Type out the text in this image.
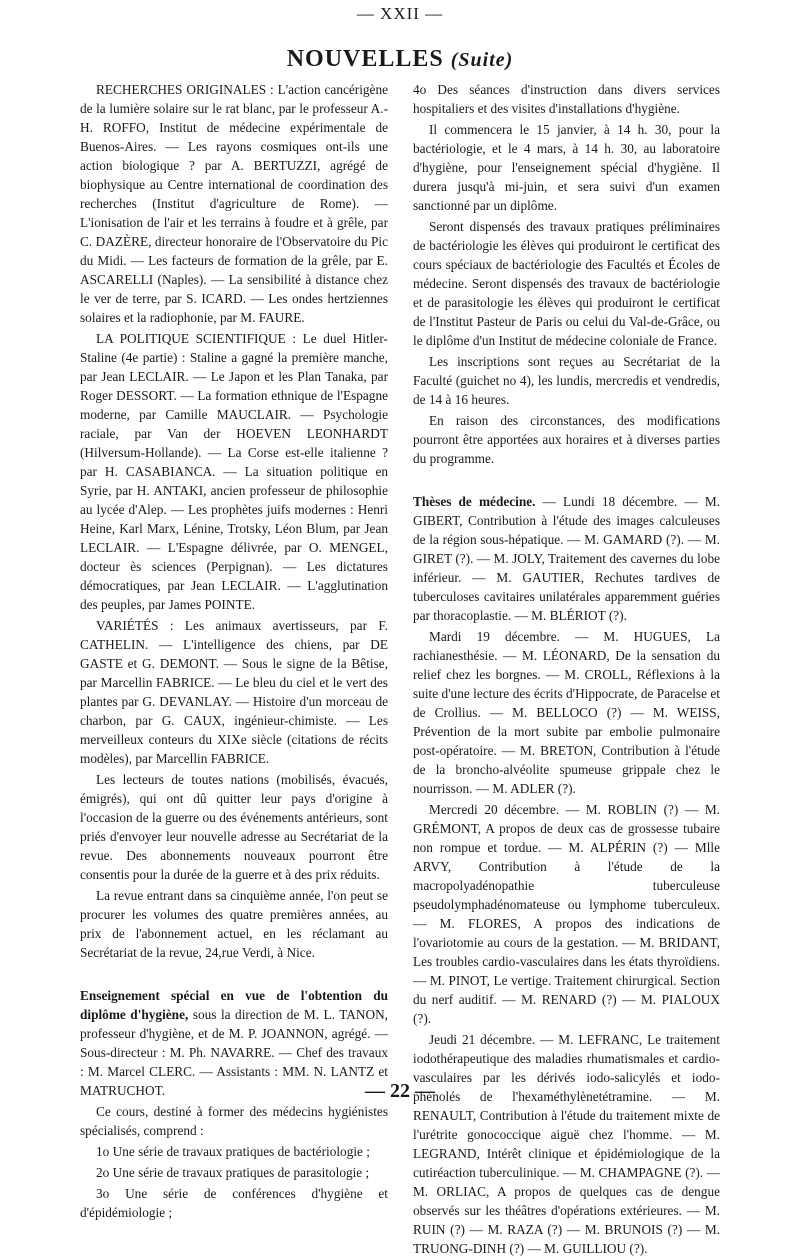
— XXII —
NOUVELLES (Suite)

RECHERCHES ORIGINALES : L'action cancérigène de la lumière solaire sur le rat blanc, par le professeur A.-H. ROFFO, Institut de médecine expérimentale de Buenos-Aires. — Les rayons cosmiques ont-ils une action biologique ? par A. BERTUZZI, agrégé de biophysique au Centre international de coordination des recherches (Institut d'agriculture de Rome). — L'ionisation de l'air et les terrains à foudre et à grêle, par C. DAZÈRE, directeur honoraire de l'Observatoire du Pic du Midi. — Les facteurs de formation de la grêle, par E. ASCARELLI (Naples). — La sensibilité à distance chez le ver de terre, par S. ICARD. — Les ondes hertziennes solaires et la radiophonie, par M. FAURE.

LA POLITIQUE SCIENTIFIQUE : Le duel Hitler-Staline (4e partie) : Staline a gagné la première manche, par Jean LECLAIR. — Le Japon et les Plan Tanaka, par Roger DESSORT. — La formation ethnique de l'Espagne moderne, par Camille MAUCLAIR. — Psychologie raciale, par Van der HOEVEN LEONHARDT (Hilversum-Hollande). — La Corse est-elle italienne ? par H. CASABIANCA. — La situation politique en Syrie, par H. ANTAKI, ancien professeur de philosophie au lycée d'Alep. — Les prophètes juifs modernes : Henri Heine, Karl Marx, Lénine, Trotsky, Léon Blum, par Jean LECLAIR. — L'Espagne délivrée, par O. MENGEL, docteur ès sciences (Perpignan). — Les dictatures démocratiques, par Jean LECLAIR. — L'agglutination des peuples, par James POINTE.

VARIÉTÉS : Les animaux avertisseurs, par F. CATHELIN. — L'intelligence des chiens, par DE GASTE et G. DEMONT. — Sous le signe de la Bêtise, par Marcellin FABRICE. — Le bleu du ciel et le vert des plantes par G. DEVANLAY. — Histoire d'un morceau de charbon, par G. CAUX, ingénieur-chimiste. — Les merveilleux conteurs du XIXe siècle (citations de récits modèles), par Marcellin FABRICE.

Les lecteurs de toutes nations (mobilisés, évacués, émigrés), qui ont dû quitter leur pays d'origine à l'occasion de la guerre ou des événements antérieurs, sont priés d'envoyer leur nouvelle adresse au Secrétariat de la revue. Des abonnements nouveaux pourront être consentis pour la durée de la guerre et à des prix réduits.

La revue entrant dans sa cinquième année, l'on peut se procurer les volumes des quatre premières années, au prix de l'abonnement actuel, en les réclamant au Secrétariat de la revue, 24,rue Verdi, à Nice.

Enseignement spécial en vue de l'obtention du diplôme d'hygiène, sous la direction de M. L. TANON, professeur d'hygiène, et de M. P. JOANNON, agrégé. — Sous-directeur : M. Ph. NAVARRE. — Chef des travaux : M. Marcel CLERC. — Assistants : MM. N. LANTZ et MATRUCHOT.

Ce cours, destiné à former des médecins hygiénistes spécialisés, comprend :

1o Une série de travaux pratiques de bactériologie ;

2o Une série de travaux pratiques de parasitologie ;

3o Une série de conférences d'hygiène et d'épidémiologie ;

4o Des séances d'instruction dans divers services hospitaliers et des visites d'installations d'hygiène.

Il commencera le 15 janvier, à 14 h. 30, pour la bactériologie, et le 4 mars, à 14 h. 30, au laboratoire d'hygiène, pour l'enseignement spécial d'hygiène. Il durera jusqu'à mi-juin, et sera suivi d'un examen sanctionné par un diplôme.

Seront dispensés des travaux pratiques préliminaires de bactériologie les élèves qui produiront le certificat des cours spéciaux de bactériologie des Facultés et Écoles de médecine. Seront dispensés des travaux de bactériologie et de parasitologie les élèves qui produiront le certificat de l'Institut Pasteur de Paris ou celui du Val-de-Grâce, ou le diplôme d'un Institut de médecine coloniale de France.

Les inscriptions sont reçues au Secrétariat de la Faculté (guichet no 4), les lundis, mercredis et vendredis, de 14 à 16 heures.

En raison des circonstances, des modifications pourront être apportées aux horaires et à diverses parties du programme.

Thèses de médecine. — Lundi 18 décembre. — M. GIBERT, Contribution à l'étude des images calculeuses de la région sous-hépatique. — M. GAMARD (?). — M. GIRET (?). — M. JOLY, Traitement des cavernes du lobe inférieur. — M. GAUTIER, Rechutes tardives de tuberculoses cavitaires unilatérales apparemment guéries par thoracoplastie. — M. BLÉRIOT (?).

Mardi 19 décembre. — M. HUGUES, La rachianesthésie. — M. LÉONARD, De la sensation du relief chez les borgnes. — M. CROLL, Réflexions à la suite d'une lecture des écrits d'Hippocrate, de Paracelse et de Crollius. — M. BELLOCO (?) — M. WEISS, Prévention de la mort subite par embolie pulmonaire post-opératoire. — M. BRETON, Contribution à l'étude de la broncho-alvéolite spumeuse grippale chez le nourrisson. — M. ADLER (?).

Mercredi 20 décembre. — M. ROBLIN (?) — M. GRÉMONT, A propos de deux cas de grossesse tubaire non rompue et tordue. — M. ALPÉRIN (?) — Mlle ARVY, Contribution à l'étude de la macropolyadénopathie tuberculeuse pseudolymphadénomateuse ou lymphome tuberculeux. — M. FLORES, A propos des indications de l'ovariotomie au cours de la gestation. — M. BRIDANT, Les troubles cardio-vasculaires dans les états thyroïdiens. — M. PINOT, Le vertige. Traitement chirurgical. Section du nerf auditif. — M. RENARD (?) — M. PIALOUX (?).

Jeudi 21 décembre. — M. LEFRANC, Le traitement iodothérapeutique des maladies rhumatismales et cardio-vasculaires par les dérivés iodo-salicylés et iodo-phénolés de l'hexaméthylènetétramine. — M. RENAULT, Contribution à l'étude du traitement mixte de l'urétrite gonococcique aiguë chez l'homme. — M. LEGRAND, Intérêt clinique et épidémiologique de la cutiréaction tuberculinique. — M. CHAMPAGNE (?). — M. ORLIAC, A propos de quelques cas de dengue observés sur les théâtres d'opérations extérieures. — M. RUIN (?) — M. RAZA (?) — M. BRUNOIS (?) — M. TRUONG-DINH (?) — M. GUILLIOU (?).

— 22 —
